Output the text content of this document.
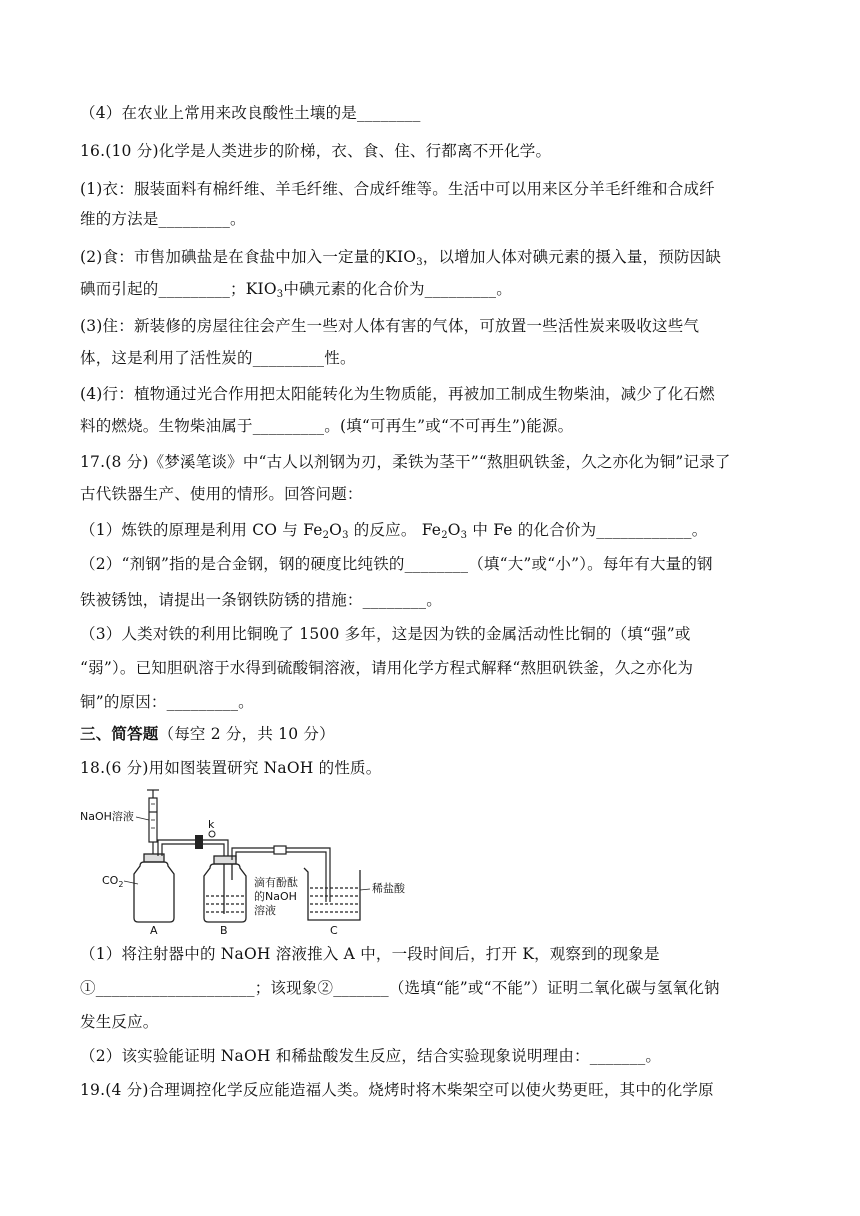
（4）在农业上常用来改良酸性土壤的是________
16.(10 分)化学是人类进步的阶梯，衣、食、住、行都离不开化学。
(1)衣：服装面料有棉纤维、羊毛纤维、合成纤维等。生活中可以用来区分羊毛纤维和合成纤
维的方法是_________。
(2)食：市售加碘盐是在食盐中加入一定量的$KIO_3$，以增加人体对碘元素的摄入量，预防因缺
碘而引起的_________；$KIO_3$中碘元素的化合价为_________。
(3)住：新装修的房屋往往会产生一些对人体有害的气体，可放置一些活性炭来吸收这些气
体，这是利用了活性炭的_________性。
(4)行：植物通过光合作用把太阳能转化为生物质能，再被加工制成生物柴油，减少了化石燃
料的燃烧。生物柴油属于_________。(填“可再生”或“不可再生”)能源。
17.(8 分)《梦溪笔谈》中“古人以剂钢为刃，柔铁为茎干”“熬胆矾铁釜，久之亦化为铜”记录了
古代铁器生产、使用的情形。回答问题：
（1）炼铁的原理是利用 CO 与 $Fe_2O_3$ 的反应。 $Fe_2O_3$ 中 Fe 的化合价为____________。
（2）“剂钢”指的是合金钢，钢的硬度比纯铁的________（填“大”或“小”）。每年有大量的钢
铁被锈蚀，请提出一条钢铁防锈的措施：________。
（3）人类对铁的利用比铜晚了 1500 多年，这是因为铁的金属活动性比铜的（填“强”或
“弱”）。已知胆矾溶于水得到硫酸铜溶液，请用化学方程式解释“熬胆矾铁釜，久之亦化为
铜”的原因：_________。
三、简答题（每空 2 分，共 10 分）
18.(6 分)用如图装置研究 NaOH 的性质。
NaOH溶液
$CO_2$
k
滴有酚酞
的NaOH
溶液
稀盐酸
A	B	C
（1）将注射器中的 NaOH 溶液推入 A 中，一段时间后，打开 K，观察到的现象是
①____________________；该现象②_______（选填“能”或“不能”）证明二氧化碳与氢氧化钠
发生反应。
（2）该实验能证明 NaOH 和稀盐酸发生反应，结合实验现象说明理由：_______。
19.(4 分)合理调控化学反应能造福人类。烧烤时将木柴架空可以使火势更旺，其中的化学原
